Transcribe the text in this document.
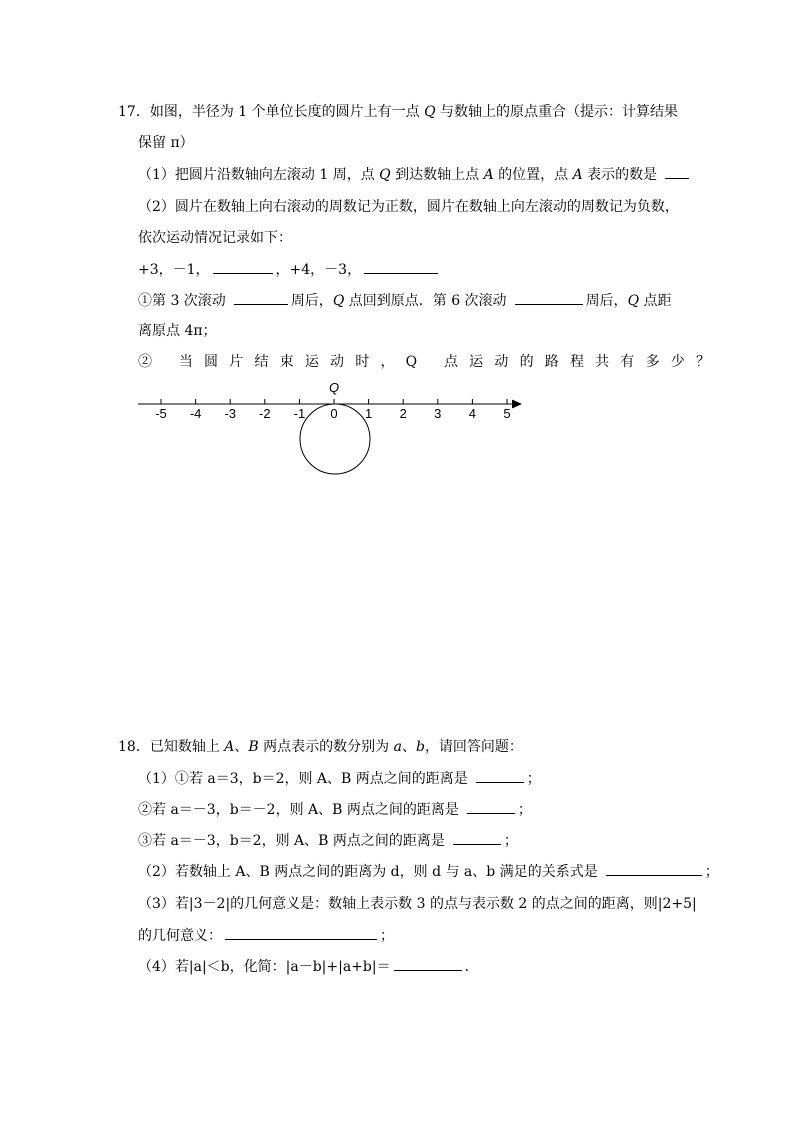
17．如图，半径为 1 个单位长度的圆片上有一点 Q 与数轴上的原点重合（提示：计算结果
保留 π）
（1）把圆片沿数轴向左滚动 1 周，点 Q 到达数轴上点 A 的位置，点 A 表示的数是
（2）圆片在数轴上向右滚动的周数记为正数，圆片在数轴上向左滚动的周数记为负数，
依次运动情况记录如下：
+3，－1，	，+4，－3，
①第 3 次滚动	周后，Q 点回到原点．第 6 次滚动	周后，Q 点距
离原点 4π；
② 当圆片结束运动时，Q 点运动的路程共有多少？
-5 -4 -3 -2 -1 0 1 2 3 4 5
Q
18．已知数轴上 A、B 两点表示的数分别为 a、b，请回答问题：
（1）①若 a＝3，b＝2，则 A、B 两点之间的距离是	；
②若 a＝－3，b＝－2，则 A、B 两点之间的距离是	；
③若 a＝－3，b＝2，则 A、B 两点之间的距离是	；
（2）若数轴上 A、B 两点之间的距离为 d，则 d 与 a、b 满足的关系式是	；
（3）若|3－2|的几何意义是：数轴上表示数 3 的点与表示数 2 的点之间的距离，则|2+5|
的几何意义：	；
（4）若|a|＜b，化简：|a－b|+|a+b|＝	．
